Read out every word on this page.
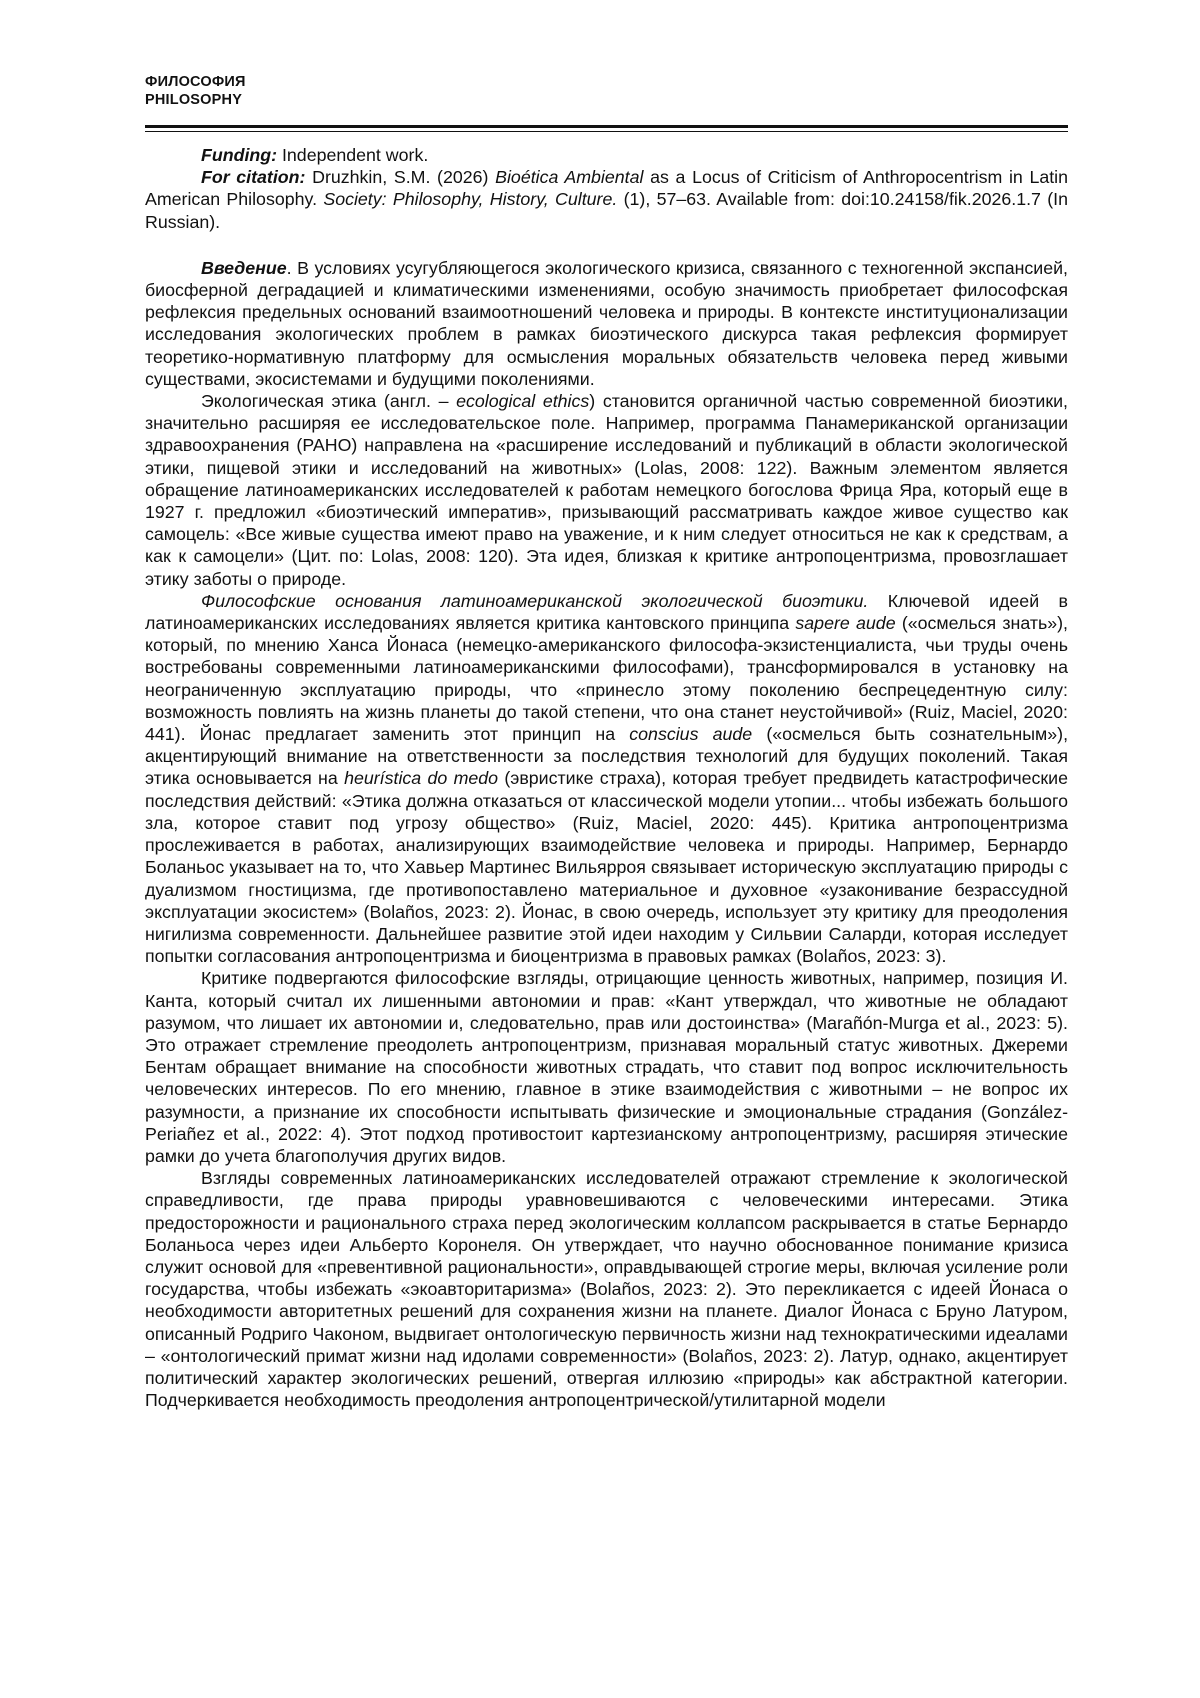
ФИЛОСОФИЯ
PHILOSOPHY

Funding: Independent work.

For citation: Druzhkin, S.M. (2026) Bioética Ambiental as a Locus of Criticism of Anthropocentrism in Latin American Philosophy. Society: Philosophy, History, Culture. (1), 57–63. Available from: doi:10.24158/fik.2026.1.7 (In Russian).

Введение. В условиях усугубляющегося экологического кризиса, связанного с техногенной экспансией, биосферной деградацией и климатическими изменениями, особую значимость приобретает философская рефлексия предельных оснований взаимоотношений человека и природы. В контексте институционализации исследования экологических проблем в рамках биоэтического дискурса такая рефлексия формирует теоретико-нормативную платформу для осмысления моральных обязательств человека перед живыми существами, экосистемами и будущими поколениями.

Экологическая этика (англ. – ecological ethics) становится органичной частью современной биоэтики, значительно расширяя ее исследовательское поле. Например, программа Панамериканской организации здравоохранения (PAHO) направлена на «расширение исследований и публикаций в области экологической этики, пищевой этики и исследований на животных» (Lolas, 2008: 122). Важным элементом является обращение латиноамериканских исследователей к работам немецкого богослова Фрица Яра, который еще в 1927 г. предложил «биоэтический императив», призывающий рассматривать каждое живое существо как самоцель: «Все живые существа имеют право на уважение, и к ним следует относиться не как к средствам, а как к самоцели» (Цит. по: Lolas, 2008: 120). Эта идея, близкая к критике антропоцентризма, провозглашает этику заботы о природе.

Философские основания латиноамериканской экологической биоэтики. Ключевой идеей в латиноамериканских исследованиях является критика кантовского принципа sapere aude («осмелься знать»), который, по мнению Ханса Йонаса (немецко-американского философа-экзистенциалиста, чьи труды очень востребованы современными латиноамериканскими философами), трансформировался в установку на неограниченную эксплуатацию природы, что «принесло этому поколению беспрецедентную силу: возможность повлиять на жизнь планеты до такой степени, что она станет неустойчивой» (Ruiz, Maciel, 2020: 441). Йонас предлагает заменить этот принцип на conscius aude («осмелься быть сознательным»), акцентирующий внимание на ответственности за последствия технологий для будущих поколений. Такая этика основывается на heurística do medo (эвристике страха), которая требует предвидеть катастрофические последствия действий: «Этика должна отказаться от классической модели утопии... чтобы избежать большого зла, которое ставит под угрозу общество» (Ruiz, Maciel, 2020: 445). Критика антропоцентризма прослеживается в работах, анализирующих взаимодействие человека и природы. Например, Бернардо Боланьос указывает на то, что Хавьер Мартинес Вильярроя связывает историческую эксплуатацию природы с дуализмом гностицизма, где противопоставлено материальное и духовное «узаконивание безрассудной эксплуатации экосистем» (Bolaños, 2023: 2). Йонас, в свою очередь, использует эту критику для преодоления нигилизма современности. Дальнейшее развитие этой идеи находим у Сильвии Саларди, которая исследует попытки согласования антропоцентризма и биоцентризма в правовых рамках (Bolaños, 2023: 3).

Критике подвергаются философские взгляды, отрицающие ценность животных, например, позиция И. Канта, который считал их лишенными автономии и прав: «Кант утверждал, что животные не обладают разумом, что лишает их автономии и, следовательно, прав или достоинства» (Marañón-Murga et al., 2023: 5). Это отражает стремление преодолеть антропоцентризм, признавая моральный статус животных. Джереми Бентам обращает внимание на способности животных страдать, что ставит под вопрос исключительность человеческих интересов. По его мнению, главное в этике взаимодействия с животными – не вопрос их разумности, а признание их способности испытывать физические и эмоциональные страдания (González-Periañez et al., 2022: 4). Этот подход противостоит картезианскому антропоцентризму, расширяя этические рамки до учета благополучия других видов.

Взгляды современных латиноамериканских исследователей отражают стремление к экологической справедливости, где права природы уравновешиваются с человеческими интересами. Этика предосторожности и рационального страха перед экологическим коллапсом раскрывается в статье Бернардо Боланьоса через идеи Альберто Коронеля. Он утверждает, что научно обоснованное понимание кризиса служит основой для «превентивной рациональности», оправдывающей строгие меры, включая усиление роли государства, чтобы избежать «экоавторитаризма» (Bolaños, 2023: 2). Это перекликается с идеей Йонаса о необходимости авторитетных решений для сохранения жизни на планете. Диалог Йонаса с Бруно Латуром, описанный Родриго Чаконом, выдвигает онтологическую первичность жизни над технократическими идеалами – «онтологический примат жизни над идолами современности» (Bolaños, 2023: 2). Латур, однако, акцентирует политический характер экологических решений, отвергая иллюзию «природы» как абстрактной категории. Подчеркивается необходимость преодоления антропоцентрической/утилитарной модели
